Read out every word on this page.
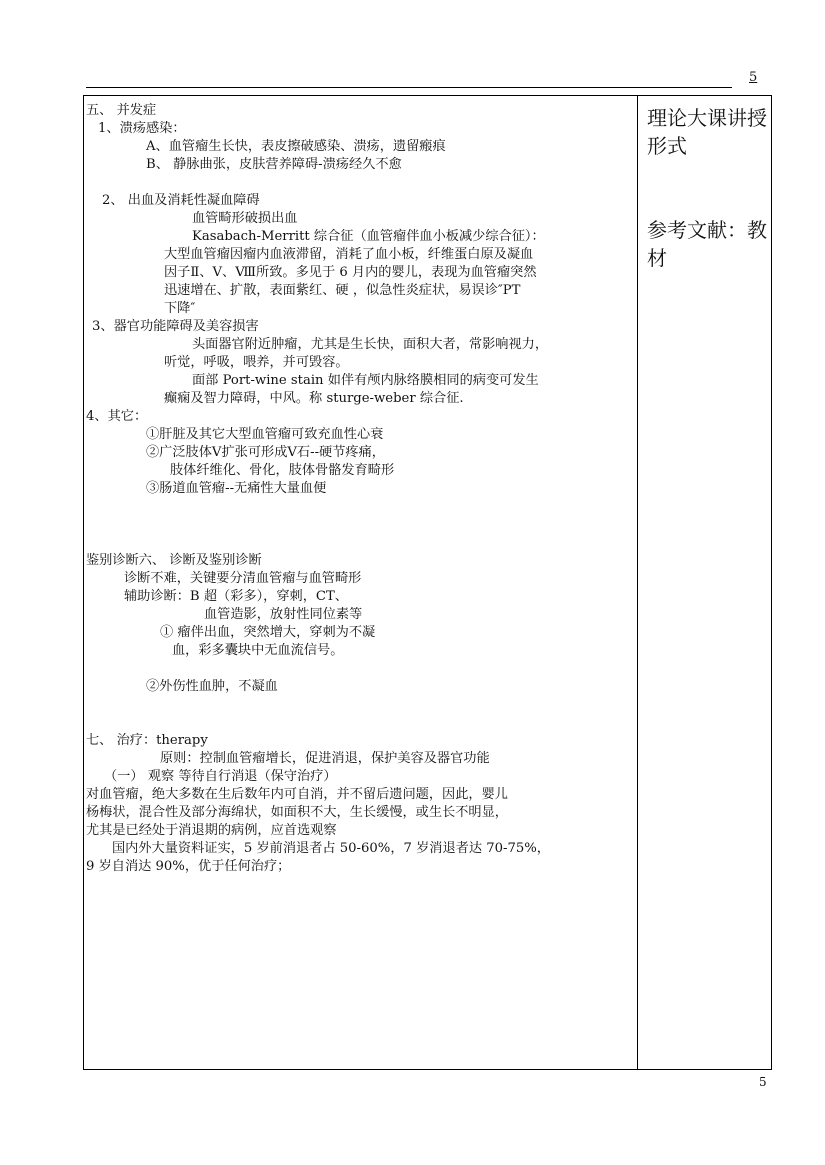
5
五、 并发症
1、溃疡感染：
A、血管瘤生长快，表皮擦破感染、溃疡，遗留瘢痕
B、 静脉曲张，皮肤营养障碍-溃疡经久不愈
2、 出血及消耗性凝血障碍
血管畸形破损出血
Kasabach-Merritt 综合征（血管瘤伴血小板减少综合征）：
大型血管瘤因瘤内血液滞留，消耗了血小板，纤维蛋白原及凝血
因子Ⅱ、Ⅴ、Ⅷ所致。多见于 6 月内的婴儿，表现为血管瘤突然
迅速增在、扩散，表面紫红、硬 ，似急性炎症状，易误诊″PT
下降″
3、器官功能障碍及美容损害
头面器官附近肿瘤，尤其是生长快，面积大者，常影响视力，
听觉，呼吸，喂养，并可毁容。
面部 Port-wine stain 如伴有颅内脉络膜相同的病变可发生
癫痫及智力障碍，中风。称 sturge-weber 综合征.
4、其它：
①肝脏及其它大型血管瘤可致充血性心衰
②广泛肢体Ⅴ扩张可形成Ⅴ石--硬节疼痛，
肢体纤维化、骨化，肢体骨骼发育畸形
③肠道血管瘤--无痛性大量血便
鉴别诊断六、 诊断及鉴别诊断
诊断不难，关键要分清血管瘤与血管畸形
辅助诊断：B 超（彩多），穿刺，CT、
血管造影，放射性同位素等
① 瘤伴出血，突然增大，穿刺为不凝
血，彩多囊块中无血流信号。
②外伤性血肿，不凝血
七、 治疗：therapy
原则：控制血管瘤增长，促进消退，保护美容及器官功能
（一） 观察 等待自行消退（保守治疗）
对血管瘤，绝大多数在生后数年内可自消，并不留后遗问题，因此，婴儿
杨梅状，混合性及部分海绵状，如面积不大，生长缓慢，或生长不明显，
尤其是已经处于消退期的病例，应首选观察
国内外大量资料证实，5 岁前消退者占 50-60%，7 岁消退者达 70-75%，
9 岁自消达 90%，优于任何治疗；

理论大课讲授形式

参考文献：教材

5
